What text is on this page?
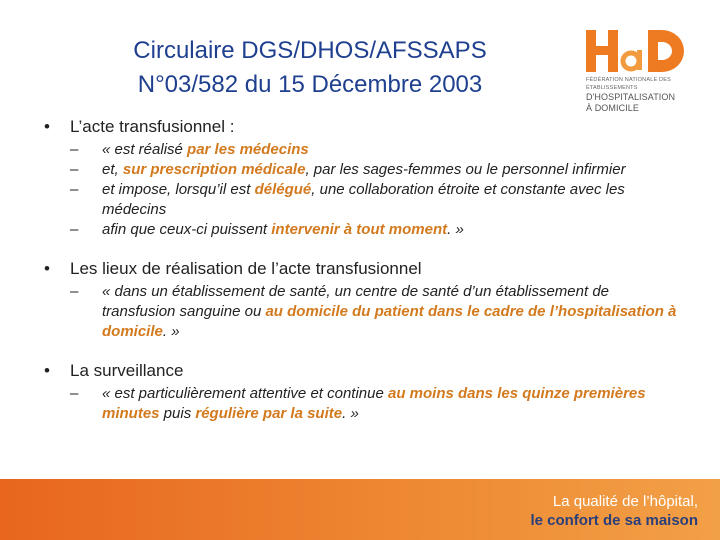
Circulaire DGS/DHOS/AFSSAPS
N°03/582 du 15 Décembre 2003	FÉDÉRATION NATIONALE DES ÉTABLISSEMENTS
D'HOSPITALISATION
À DOMICILE
•	L’acte transfusionnel :
–	« est réalisé par les médecins
–	et, sur prescription médicale, par les sages-femmes ou le personnel infirmier
–	et impose, lorsqu’il est délégué, une collaboration étroite et constante avec les médecins
–	afin que ceux-ci puissent intervenir à tout moment. »
•	Les lieux de réalisation de l’acte transfusionnel
–	« dans un établissement de santé, un centre de santé d’un établissement de transfusion sanguine ou au domicile du patient dans le cadre de l’hospitalisation à domicile. »
•	La surveillance
–	« est particulièrement attentive et continue au moins dans les quinze premières minutes puis régulière par la suite. »
La qualité de l’hôpital,
le confort de sa maison
